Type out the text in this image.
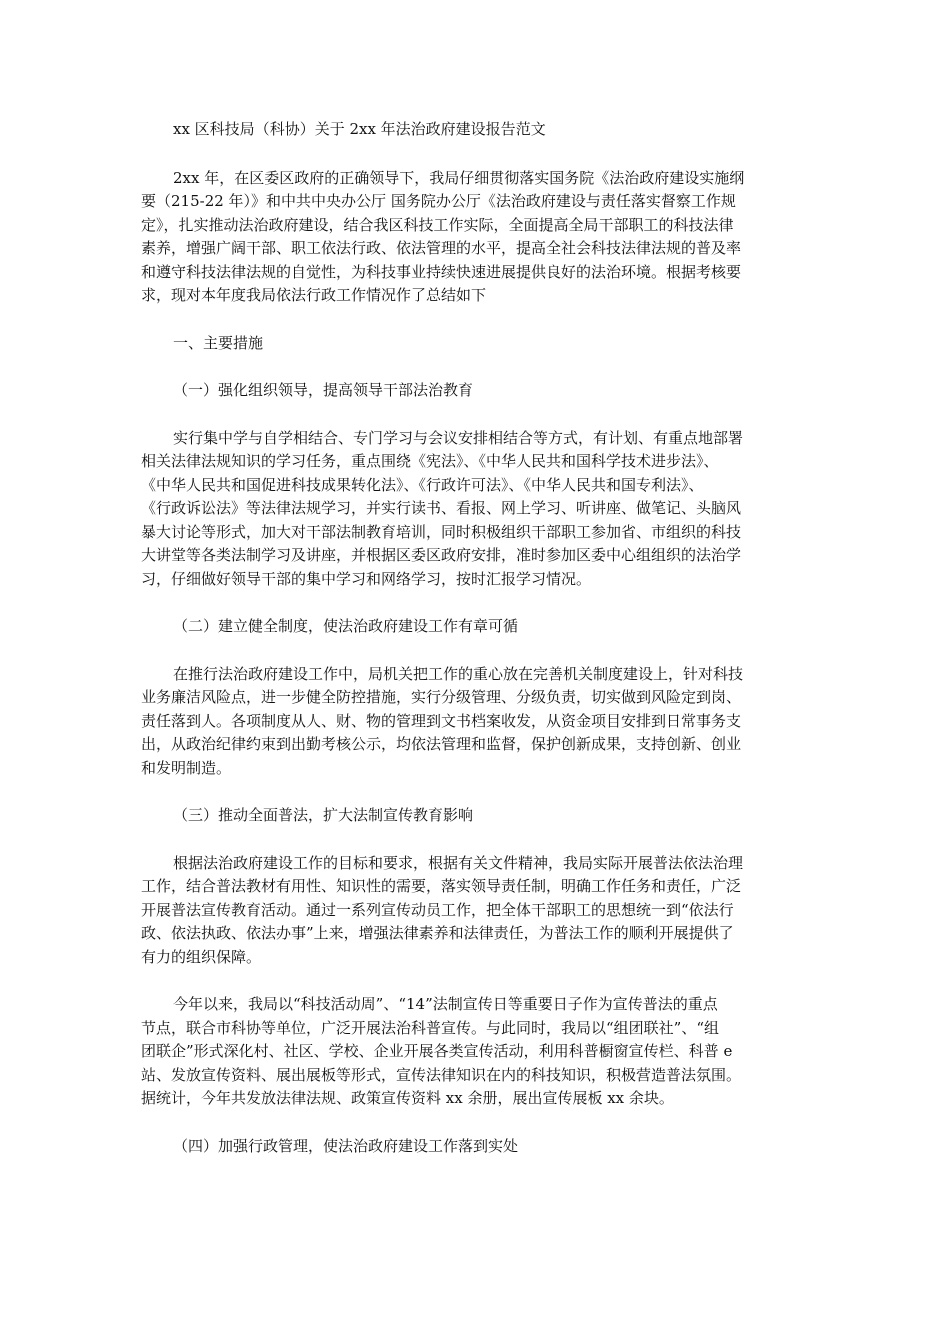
xx 区科技局（科协）关于 2xx 年法治政府建设报告范文
2xx 年，在区委区政府的正确领导下，我局仔细贯彻落实国务院《法治政府建设实施纲
要（215-22 年）》和中共中央办公厅 国务院办公厅《法治政府建设与责任落实督察工作规
定》，扎实推动法治政府建设，结合我区科技工作实际，全面提高全局干部职工的科技法律
素养，增强广阔干部、职工依法行政、依法管理的水平，提高全社会科技法律法规的普及率
和遵守科技法律法规的自觉性，为科技事业持续快速进展提供良好的法治环境。根据考核要
求，现对本年度我局依法行政工作情况作了总结如下
一、主要措施
（一）强化组织领导，提高领导干部法治教育
实行集中学与自学相结合、专门学习与会议安排相结合等方式，有计划、有重点地部署
相关法律法规知识的学习任务，重点围绕《宪法》、《中华人民共和国科学技术进步法》、
《中华人民共和国促进科技成果转化法》、《行政许可法》、《中华人民共和国专利法》、
《行政诉讼法》等法律法规学习，并实行读书、看报、网上学习、听讲座、做笔记、头脑风
暴大讨论等形式，加大对干部法制教育培训，同时积极组织干部职工参加省、市组织的科技
大讲堂等各类法制学习及讲座，并根据区委区政府安排，准时参加区委中心组组织的法治学
习，仔细做好领导干部的集中学习和网络学习，按时汇报学习情况。
（二）建立健全制度，使法治政府建设工作有章可循
在推行法治政府建设工作中，局机关把工作的重心放在完善机关制度建设上，针对科技
业务廉洁风险点，进一步健全防控措施，实行分级管理、分级负责，切实做到风险定到岗、
责任落到人。各项制度从人、财、物的管理到文书档案收发，从资金项目安排到日常事务支
出，从政治纪律约束到出勤考核公示，均依法管理和监督，保护创新成果，支持创新、创业
和发明制造。
（三）推动全面普法，扩大法制宣传教育影响
根据法治政府建设工作的目标和要求，根据有关文件精神，我局实际开展普法依法治理
工作，结合普法教材有用性、知识性的需要，落实领导责任制，明确工作任务和责任，广泛
开展普法宣传教育活动。通过一系列宣传动员工作，把全体干部职工的思想统一到“依法行
政、依法执政、依法办事”上来，增强法律素养和法律责任，为普法工作的顺利开展提供了
有力的组织保障。
今年以来，我局以“科技活动周”、“14”法制宣传日等重要日子作为宣传普法的重点
节点，联合市科协等单位，广泛开展法治科普宣传。与此同时，我局以“组团联社”、“组
团联企”形式深化村、社区、学校、企业开展各类宣传活动，利用科普橱窗宣传栏、科普 e
站、发放宣传资料、展出展板等形式，宣传法律知识在内的科技知识，积极营造普法氛围。
据统计，今年共发放法律法规、政策宣传资料 xx 余册，展出宣传展板 xx 余块。
（四）加强行政管理，使法治政府建设工作落到实处
